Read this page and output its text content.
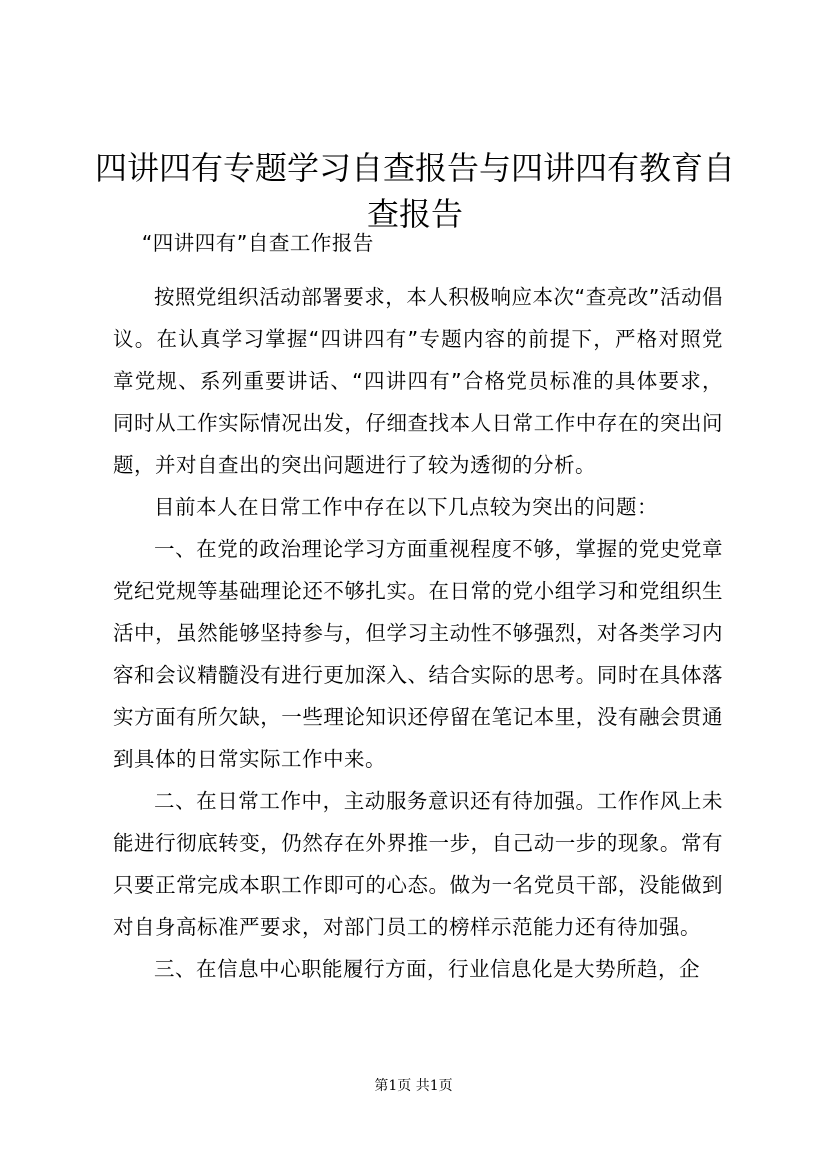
四讲四有专题学习自查报告与四讲四有教育自查报告

“四讲四有”自查工作报告

按照党组织活动部署要求，本人积极响应本次“查亮改”活动倡议。在认真学习掌握“四讲四有”专题内容的前提下，严格对照党章党规、系列重要讲话、“四讲四有”合格党员标准的具体要求，同时从工作实际情况出发，仔细查找本人日常工作中存在的突出问题，并对自查出的突出问题进行了较为透彻的分析。

目前本人在日常工作中存在以下几点较为突出的问题：

一、在党的政治理论学习方面重视程度不够，掌握的党史党章党纪党规等基础理论还不够扎实。在日常的党小组学习和党组织生活中，虽然能够坚持参与，但学习主动性不够强烈，对各类学习内容和会议精髓没有进行更加深入、结合实际的思考。同时在具体落实方面有所欠缺，一些理论知识还停留在笔记本里，没有融会贯通到具体的日常实际工作中来。

二、在日常工作中，主动服务意识还有待加强。工作作风上未能进行彻底转变，仍然存在外界推一步，自己动一步的现象。常有只要正常完成本职工作即可的心态。做为一名党员干部，没能做到对自身高标准严要求，对部门员工的榜样示范能力还有待加强。

三、在信息中心职能履行方面，行业信息化是大势所趋，企

第1页 共1页
